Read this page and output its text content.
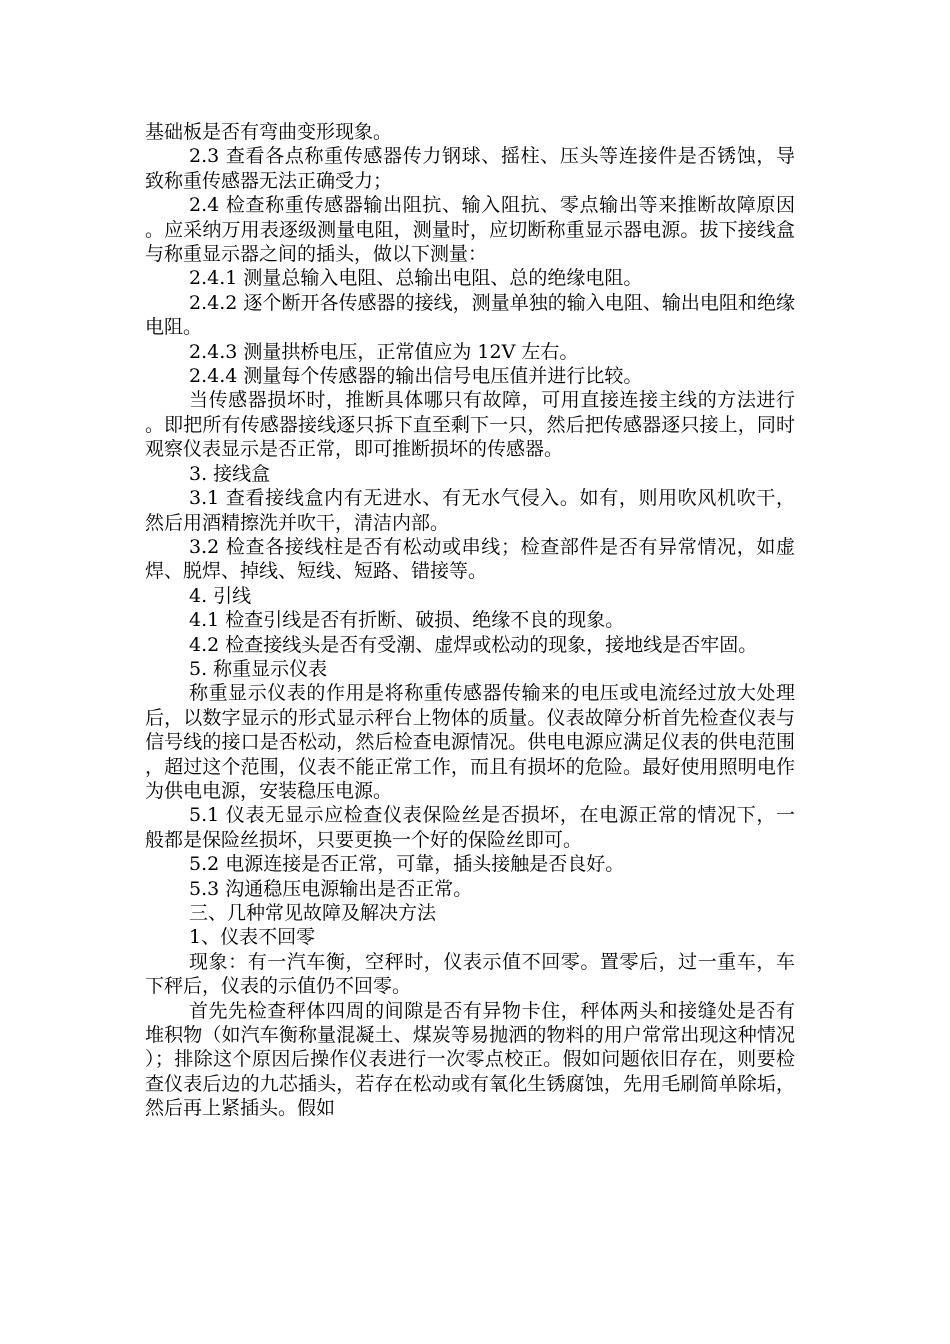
基础板是否有弯曲变形现象。

2.3 查看各点称重传感器传力钢球、摇柱、压头等连接件是否锈蚀，导致称重传感器无法正确受力；

2.4 检查称重传感器输出阻抗、输入阻抗、零点输出等来推断故障原因。应采纳万用表逐级测量电阻，测量时，应切断称重显示器电源。拔下接线盒与称重显示器之间的插头，做以下测量：

2.4.1 测量总输入电阻、总输出电阻、总的绝缘电阻。

2.4.2 逐个断开各传感器的接线，测量单独的输入电阻、输出电阻和绝缘电阻。

2.4.3 测量拱桥电压，正常值应为 12V 左右。

2.4.4 测量每个传感器的输出信号电压值并进行比较。

当传感器损坏时，推断具体哪只有故障，可用直接连接主线的方法进行。即把所有传感器接线逐只拆下直至剩下一只，然后把传感器逐只接上，同时观察仪表显示是否正常，即可推断损坏的传感器。

3. 接线盒

3.1 查看接线盒内有无进水、有无水气侵入。如有，则用吹风机吹干，然后用酒精擦洗并吹干，清洁内部。

3.2 检查各接线柱是否有松动或串线；检查部件是否有异常情况，如虚焊、脱焊、掉线、短线、短路、错接等。

4. 引线

4.1 检查引线是否有折断、破损、绝缘不良的现象。

4.2 检查接线头是否有受潮、虚焊或松动的现象，接地线是否牢固。

5. 称重显示仪表

称重显示仪表的作用是将称重传感器传输来的电压或电流经过放大处理后，以数字显示的形式显示秤台上物体的质量。仪表故障分析首先检查仪表与信号线的接口是否松动，然后检查电源情况。供电电源应满足仪表的供电范围，超过这个范围，仪表不能正常工作，而且有损坏的危险。最好使用照明电作为供电电源，安装稳压电源。

5.1 仪表无显示应检查仪表保险丝是否损坏，在电源正常的情况下，一般都是保险丝损坏，只要更换一个好的保险丝即可。

5.2 电源连接是否正常，可靠，插头接触是否良好。

5.3 沟通稳压电源输出是否正常。

三、几种常见故障及解决方法

1、仪表不回零

现象：有一汽车衡，空秤时，仪表示值不回零。置零后，过一重车，车下秤后，仪表的示值仍不回零。

首先先检查秤体四周的间隙是否有异物卡住，秤体两头和接缝处是否有堆积物（如汽车衡称量混凝土、煤炭等易抛洒的物料的用户常常出现这种情况）；排除这个原因后操作仪表进行一次零点校正。假如问题依旧存在，则要检查仪表后边的九芯插头，若存在松动或有氧化生锈腐蚀，先用毛刷简单除垢，然后再上紧插头。假如
